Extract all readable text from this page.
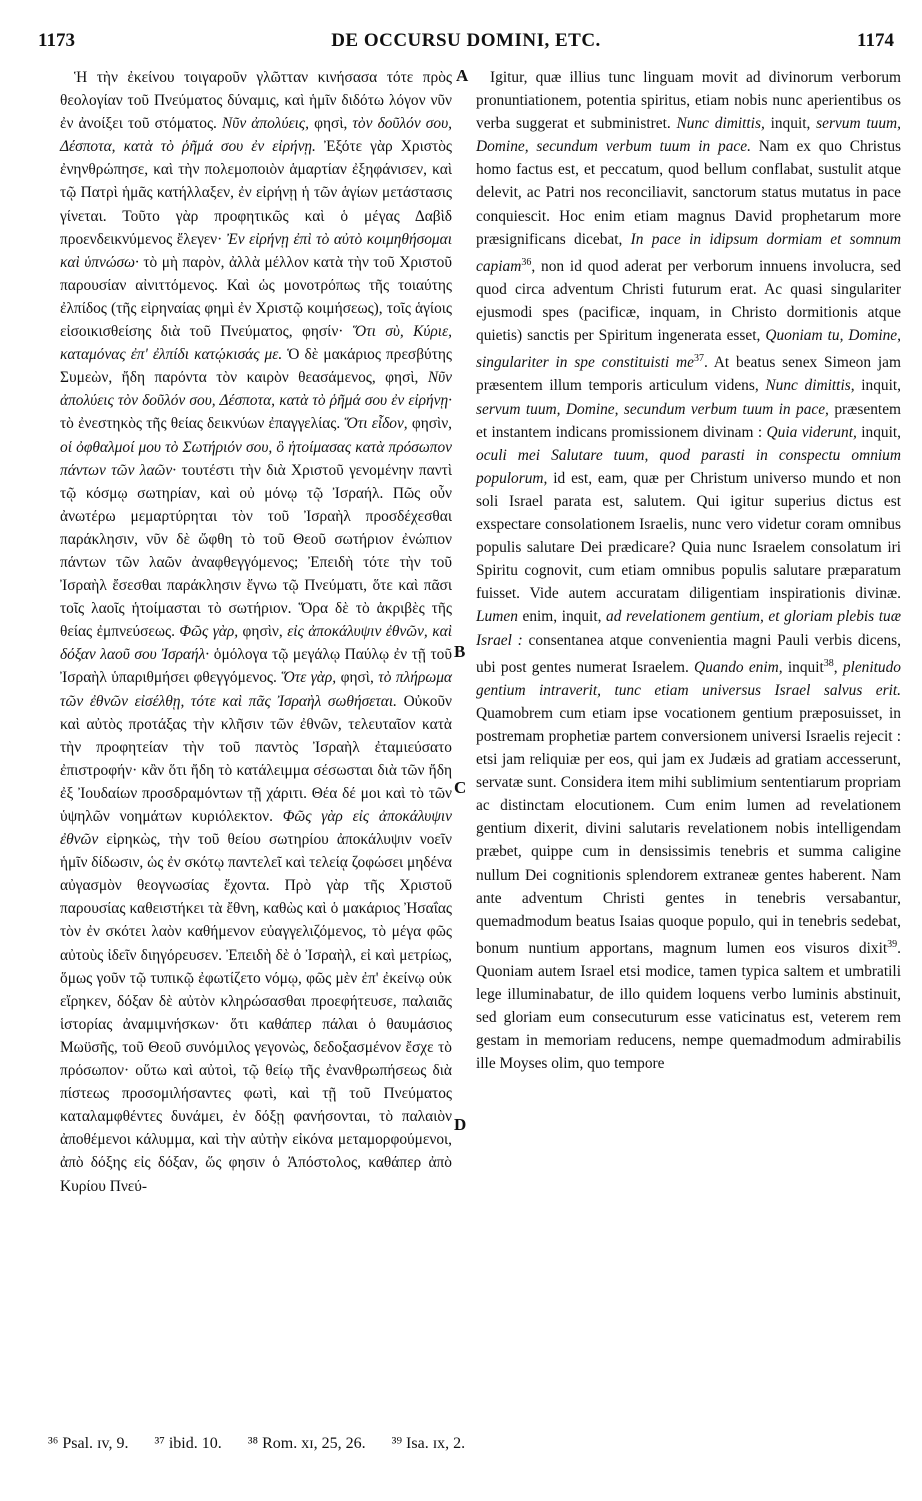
1173	DE OCCURSU DOMINI, ETC.	1174

Ἡ τὴν ἐκείνου τοιγαροῦν γλῶτταν κινήσασα τότε πρὸς θεολογίαν τοῦ Πνεύματος δύναμις, καὶ ἡμῖν διδότω λόγον νῦν ἐν ἀνοίξει τοῦ στόματος. Νῦν ἀπολύεις, φησὶ, τὸν δοῦλόν σου, Δέσποτα, κατὰ τὸ ῥῆμά σου ἐν εἰρήνῃ. Ἐξότε γὰρ Χριστὸς ἐνηνθρώπησε, καὶ τὴν πολεμοποιὸν ἁμαρτίαν ἐξηφάνισεν, καὶ τῷ Πατρὶ ἡμᾶς κατήλλαξεν, ἐν εἰρήνῃ ἡ τῶν ἁγίων μετάστασις γίνεται. Τοῦτο γὰρ προφητικῶς καὶ ὁ μέγας Δαβὶδ προενδεικνύμενος ἔλεγεν· Ἐν εἰρήνῃ ἐπὶ τὸ αὐτὸ κοιμηθήσομαι καὶ ὑπνώσω· τὸ μὴ παρὸν, ἀλλὰ μέλλον κατὰ τὴν τοῦ Χριστοῦ παρουσίαν αἰνιττόμενος. Καὶ ὡς μονοτρόπως τῆς τοιαύτης ἐλπίδος (τῆς εἰρηναίας φημὶ ἐν Χριστῷ κοιμήσεως), τοῖς ἁγίοις εἰσοικισθείσης διὰ τοῦ Πνεύματος, φησίν· Ὅτι σὺ, Κύριε, καταμόνας ἐπ' ἐλπίδι κατῴκισάς με. Ὁ δὲ μακάριος πρεσβύτης Συμεὼν, ἤδη παρόντα τὸν καιρὸν θεασάμενος, φησὶ, Νῦν ἀπολύεις τὸν δοῦλόν σου, Δέσποτα, κατὰ τὸ ῥῆμά σου ἐν εἰρήνῃ· τὸ ἐνεστηκὸς τῆς θείας δεικνύων ἐπαγγελίας. Ὅτι εἶδον, φησὶν, οἱ ὀφθαλμοί μου τὸ Σωτήριόν σου, ὃ ἡτοίμασας κατὰ πρόσωπον πάντων τῶν λαῶν· τουτέστι τὴν διὰ Χριστοῦ γενομένην παντὶ τῷ κόσμῳ σωτηρίαν, καὶ οὐ μόνῳ τῷ Ἰσραήλ. Πῶς οὖν ἀνωτέρω μεμαρτύρηται τὸν τοῦ Ἰσραὴλ προσδέχεσθαι παράκλησιν, νῦν δὲ ὤφθη τὸ τοῦ Θεοῦ σωτήριον ἐνώπιον πάντων τῶν λαῶν ἀναφθεγγόμενος; Ἐπειδὴ τότε τὴν τοῦ Ἰσραὴλ ἔσεσθαι παράκλησιν ἔγνω τῷ Πνεύματι, ὅτε καὶ πᾶσι τοῖς λαοῖς ἡτοίμασται τὸ σωτήριον. Ὅρα δὲ τὸ ἀκριβὲς τῆς θείας ἐμπνεύσεως. Φῶς γὰρ, φησὶν, εἰς ἀποκάλυψιν ἐθνῶν, καὶ δόξαν λαοῦ σου Ἰσραήλ· ὁμόλογα τῷ μεγάλῳ Παύλῳ ἐν τῇ τοῦ Ἰσραὴλ ὑπαριθμήσει φθεγγόμενος. Ὅτε γὰρ, φησὶ, τὸ πλήρωμα τῶν ἐθνῶν εἰσέλθῃ, τότε καὶ πᾶς Ἰσραὴλ σωθήσεται. Οὐκοῦν καὶ αὐτὸς προτάξας τὴν κλῆσιν τῶν ἐθνῶν, τελευταῖον κατὰ τὴν προφητείαν τὴν τοῦ παντὸς Ἰσραὴλ ἐταμιεύσατο ἐπιστροφήν· κἂν ὅτι ἤδη τὸ κατάλειμμα σέσωσται διὰ τῶν ἤδη ἐξ Ἰουδαίων προσδραμόντων τῇ χάριτι. Θέα δέ μοι καὶ τὸ τῶν ὑψηλῶν νοημάτων κυριόλεκτον. Φῶς γὰρ εἰς ἀποκάλυψιν ἐθνῶν εἰρηκὼς, τὴν τοῦ θείου σωτηρίου ἀποκάλυψιν νοεῖν ἡμῖν δίδωσιν, ὡς ἐν σκότῳ παντελεῖ καὶ τελείᾳ ζοφώσει μηδένα αὐγασμὸν θεογνωσίας ἔχοντα. Πρὸ γὰρ τῆς Χριστοῦ παρουσίας καθειστήκει τὰ ἔθνη, καθὼς καὶ ὁ μακάριος Ἠσαΐας τὸν ἐν σκότει λαὸν καθήμενον εὐαγγελιζόμενος, τὸ μέγα φῶς αὐτοὺς ἰδεῖν διηγόρευσεν. Ἐπειδὴ δὲ ὁ Ἰσραὴλ, εἰ καὶ μετρίως, ὅμως γοῦν τῷ τυπικῷ ἐφωτίζετο νόμῳ, φῶς μὲν ἐπ' ἐκείνῳ οὐκ εἴρηκεν, δόξαν δὲ αὐτὸν κληρώσασθαι προεφήτευσε, παλαιᾶς ἱστορίας ἀναμιμνήσκων· ὅτι καθάπερ πάλαι ὁ θαυμάσιος Μωϋσῆς, τοῦ Θεοῦ συνόμιλος γεγονὼς, δεδοξασμένον ἔσχε τὸ πρόσωπον· οὕτω καὶ αὐτοὶ, τῷ θείῳ τῆς ἐνανθρωπήσεως διὰ πίστεως προσομιλήσαντες φωτὶ, καὶ τῇ τοῦ Πνεύματος καταλαμφθέντες δυνάμει, ἐν δόξῃ φανήσονται, τὸ παλαιὸν ἀποθέμενοι κάλυμμα, καὶ τὴν αὐτὴν εἰκόνα μεταμορφούμενοι, ἀπὸ δόξης εἰς δόξαν, ὥς φησιν ὁ Ἀπόστολος, καθάπερ ἀπὸ Κυρίου Πνεύ-

A
B
C
D

Igitur, quæ illius tunc linguam movit ad divinorum verborum pronuntiationem, potentia spiritus, etiam nobis nunc aperientibus os verba suggerat et subministret. Nunc dimittis, inquit, servum tuum, Domine, secundum verbum tuum in pace. Nam ex quo Christus homo factus est, et peccatum, quod bellum conflabat, sustulit atque delevit, ac Patri nos reconciliavit, sanctorum status mutatus in pace conquiescit. Hoc enim etiam magnus David prophetarum more præsignificans dicebat, In pace in idipsum dormiam et somnum capiam$^{36}$, non id quod aderat per verborum innuens involucra, sed quod circa adventum Christi futurum erat. Ac quasi singulariter ejusmodi spes (pacificæ, inquam, in Christo dormitionis atque quietis) sanctis per Spiritum ingenerata esset, Quoniam tu, Domine, singulariter in spe constituisti $me^{37}$. At beatus senex Simeon jam præsentem illum temporis articulum videns, Nunc dimittis, inquit, servum tuum, Domine, secundum verbum tuum in pace, præsentem et instantem indicans promissionem divinam : Quia viderunt, inquit, oculi mei Salutare tuum, quod parasti in conspectu omnium populorum, id est, eam, quæ per Christum universo mundo et non soli Israel parata est, salutem. Qui igitur superius dictus est exspectare consolationem Israelis, nunc vero videtur coram omnibus populis salutare Dei prædicare? Quia nunc Israelem consolatum iri Spiritu cognovit, cum etiam omnibus populis salutare præparatum fuisset. Vide autem accuratam diligentiam inspirationis divinæ. Lumen enim, inquit, ad revelationem gentium, et gloriam plebis tuæ Israel : consentanea atque convenientia magni Pauli verbis dicens, ubi post gentes numerat Israelem. Quando enim, inquit$^{38}$, plenitudo gentium intraverit, tunc etiam universus Israel salvus erit. Quamobrem cum etiam ipse vocationem gentium præposuisset, in postremam prophetiæ partem conversionem universi Israelis rejecit : etsi jam reliquiæ per eos, qui jam ex Judæis ad gratiam accesserunt, servatæ sunt. Considera item mihi sublimium sententiarum propriam ac distinctam elocutionem. Cum enim lumen ad revelationem gentium dixerit, divini salutaris revelationem nobis intelligendam præbet, quippe cum in densissimis tenebris et summa caligine nullum Dei cognitionis splendorem extraneæ gentes haberent. Nam ante adventum Christi gentes in tenebris versabantur, quemadmodum beatus Isaias quoque populo, qui in tenebris sedebat, bonum nuntium apportans, magnum lumen eos visuros dixit$^{39}$. Quoniam autem Israel etsi modice, tamen typica saltem et umbratili lege illuminabatur, de illo quidem loquens verbo luminis abstinuit, sed gloriam eum consecuturum esse vaticinatus est, veterem rem gestam in memoriam reducens, nempe quemadmodum admirabilis ille Moyses olim, quo tempore

³⁶ Psal. ɪv, 9. ³⁷ ibid. 10. ³⁸ Rom. xɪ, 25, 26. ³⁹ Isa. ɪx, 2.
